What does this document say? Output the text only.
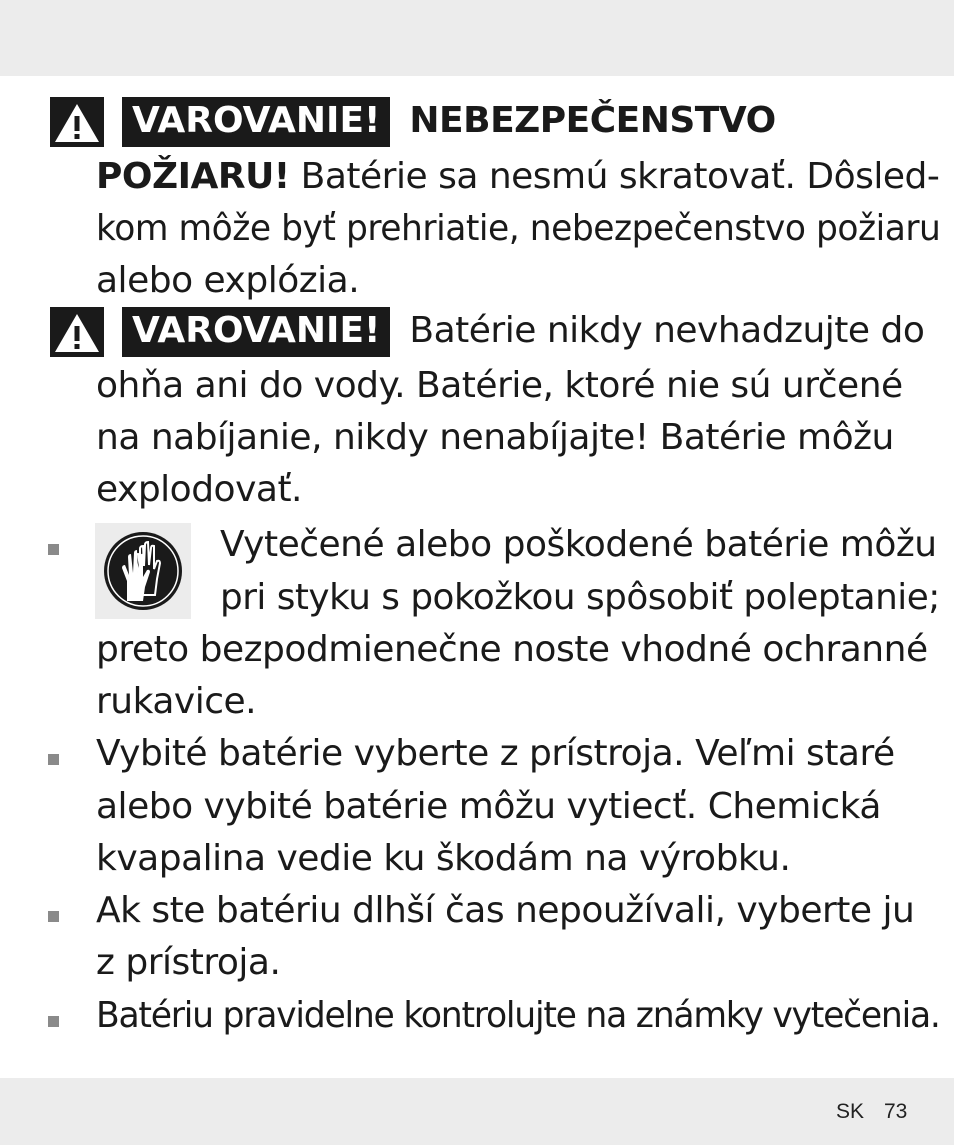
VAROVANIE! NEBEZPEČENSTVO
POŽIARU! Batérie sa nesmú skratovať. Dôsled-
kom môže byť prehriatie, nebezpečenstvo požiaru
alebo explózia.
VAROVANIE! Batérie nikdy nevhadzujte do
ohňa ani do vody. Batérie, ktoré nie sú určené
na nabíjanie, nikdy nenabíjajte! Batérie môžu
explodovať.
Vytečené alebo poškodené batérie môžu
pri styku s pokožkou spôsobiť poleptanie;
preto bezpodmienečne noste vhodné ochranné
rukavice.
Vybité batérie vyberte z prístroja. Veľmi staré
alebo vybité batérie môžu vytiecť. Chemická
kvapalina vedie ku škodám na výrobku.
Ak ste batériu dlhší čas nepoužívali, vyberte ju
z prístroja.
Batériu pravidelne kontrolujte na známky vytečenia.
SK 73
